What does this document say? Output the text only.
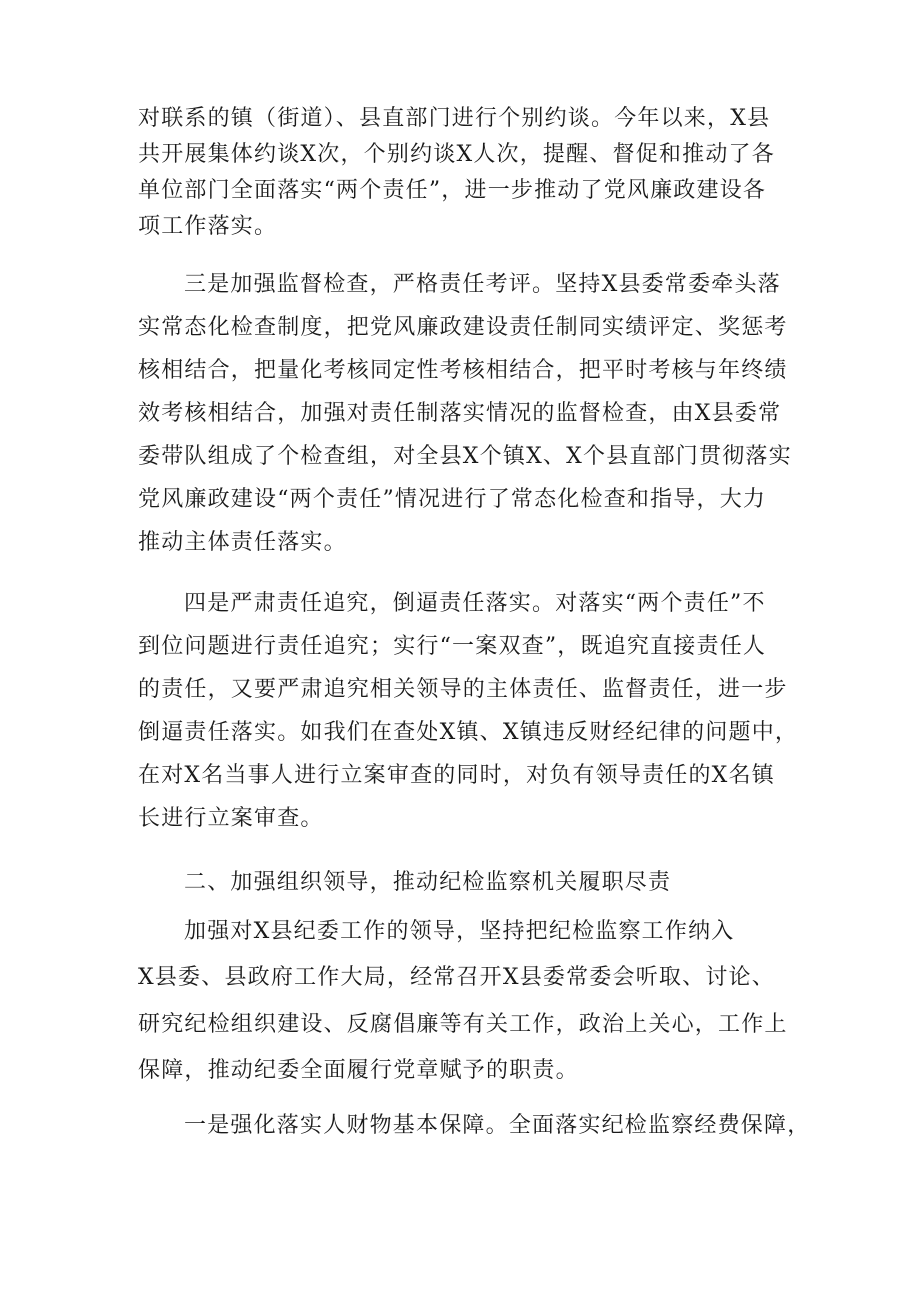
对联系的镇（街道）、县直部门进行个别约谈。今年以来，X县
共开展集体约谈X次，个别约谈X人次，提醒、督促和推动了各
单位部门全面落实“两个责任”，进一步推动了党风廉政建设各
项工作落实。
三是加强监督检查，严格责任考评。坚持X县委常委牵头落
实常态化检查制度，把党风廉政建设责任制同实绩评定、奖惩考
核相结合，把量化考核同定性考核相结合，把平时考核与年终绩
效考核相结合，加强对责任制落实情况的监督检查，由X县委常
委带队组成了个检查组，对全县X个镇X、X个县直部门贯彻落实
党风廉政建设“两个责任”情况进行了常态化检查和指导，大力
推动主体责任落实。
四是严肃责任追究，倒逼责任落实。对落实“两个责任”不
到位问题进行责任追究；实行“一案双查”，既追究直接责任人
的责任，又要严肃追究相关领导的主体责任、监督责任，进一步
倒逼责任落实。如我们在查处X镇、X镇违反财经纪律的问题中，
在对X名当事人进行立案审查的同时，对负有领导责任的X名镇
长进行立案审查。
二、加强组织领导，推动纪检监察机关履职尽责
加强对X县纪委工作的领导，坚持把纪检监察工作纳入
X县委、县政府工作大局，经常召开X县委常委会听取、讨论、
研究纪检组织建设、反腐倡廉等有关工作，政治上关心，工作上
保障，推动纪委全面履行党章赋予的职责。
一是强化落实人财物基本保障。全面落实纪检监察经费保障，
